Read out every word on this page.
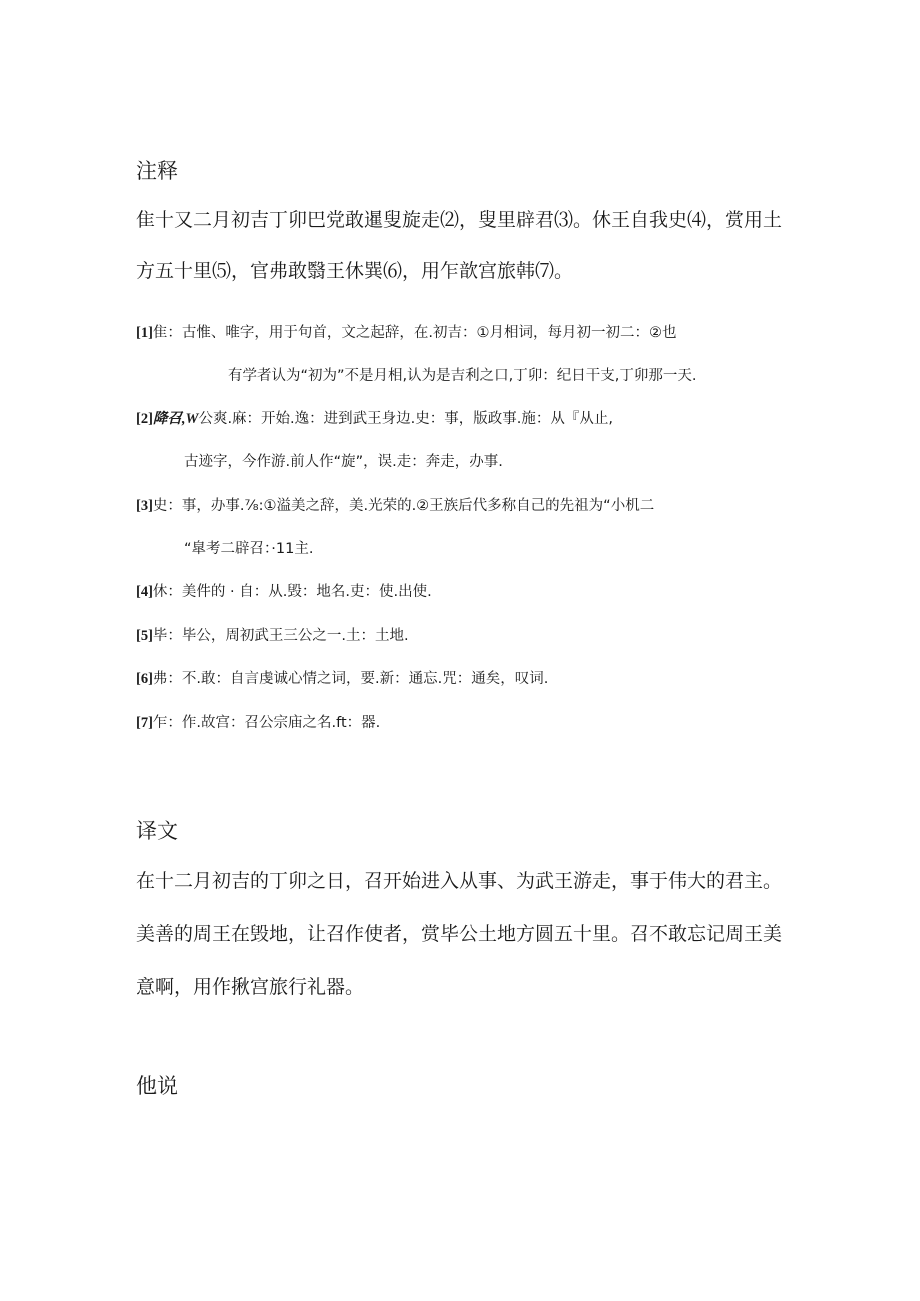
注释
隹十又二月初吉丁卯巴党敢暹叟旋走⑵，叟里辟君⑶。休王自我史⑷，赏用土
方五十里⑸，官弗敢翳王休巽⑹，用乍歆宫旅韩⑺。
[1]隹：古惟、唯字，用于句首，文之起辞，在.初吉：①月相词，每月初一初二：②也
有学者认为“初为”不是月相,认为是吉利之口,丁卯：纪日干支,丁卯那一天.
[2]降召,W公爽.麻：开始.逸：进到武王身边.史：事，版政事.施：从『从止,
古迹字，今作游.前人作“旋”，误.走：奔走，办事.
[3]史：事，办事.⅞:①溢美之辞，美.光荣的.②王族后代多称自己的先祖为“小机二
“皐考二辟召：·11主.
[4]休：美件的 · 自：从.毁：地名.吏：使.出使.
[5]毕：毕公，周初武王三公之一.土：土地.
[6]弗：不.敢：自言虔诚心情之词，要.新：通忘.咒：通矣，叹词.
[7]乍：作.故宫：召公宗庙之名.ft：器.
译文
在十二月初吉的丁卯之日，召开始进入从事、为武王游走，事于伟大的君主。
美善的周王在毁地，让召作使者，赏毕公土地方圆五十里。召不敢忘记周王美
意啊，用作揪宫旅行礼器。
他说
